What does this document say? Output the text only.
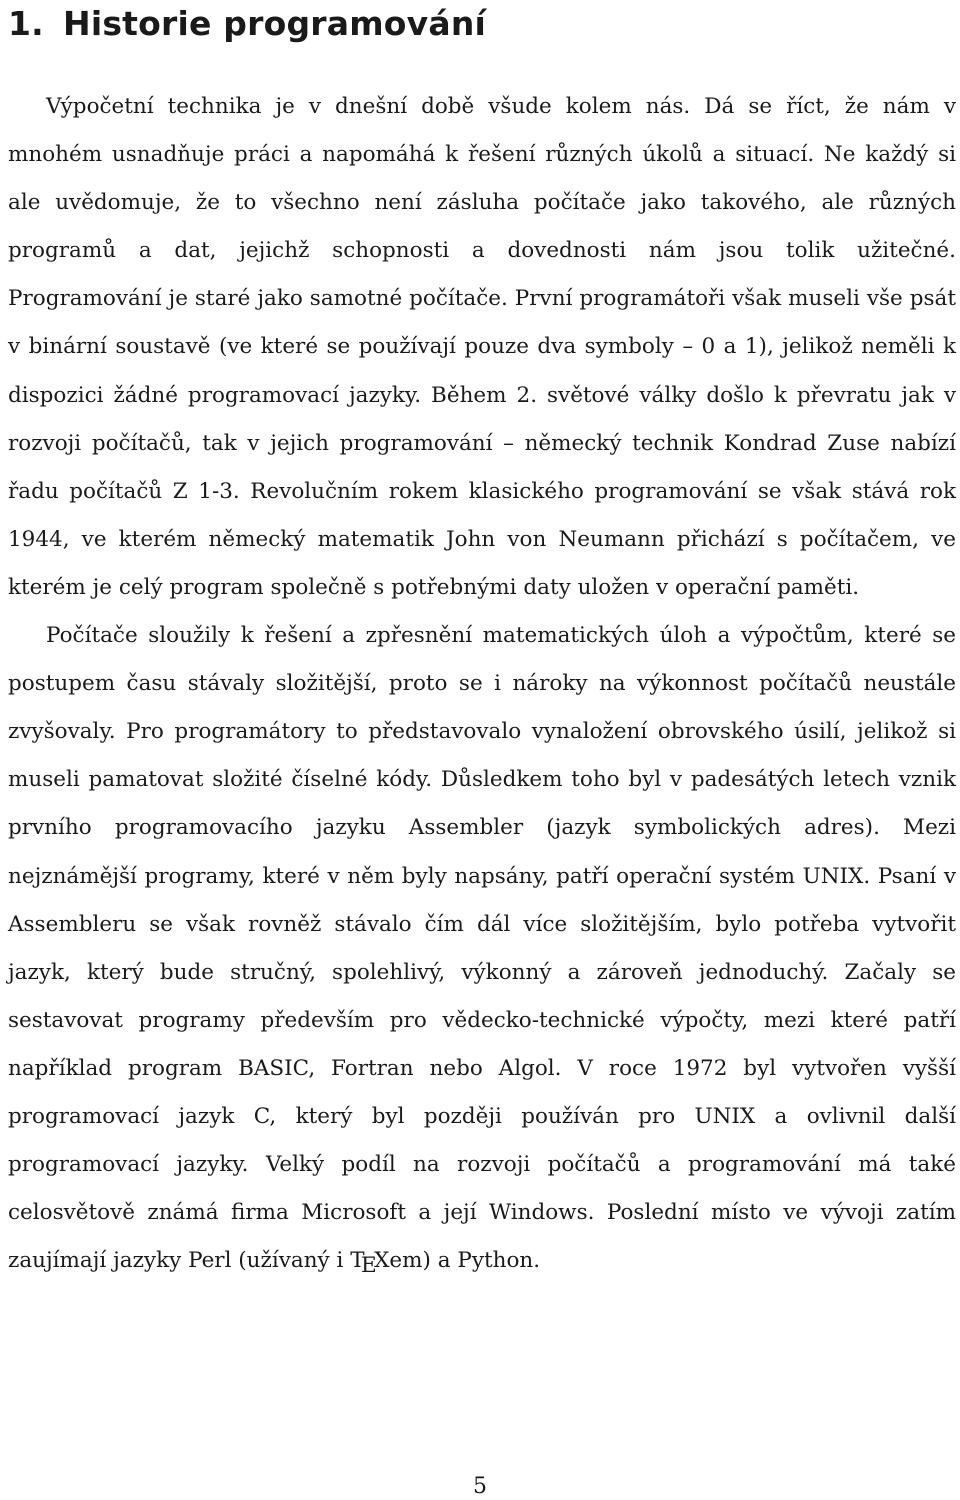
1. Historie programování

Výpočetní technika je v dnešní době všude kolem nás. Dá se říct, že nám v mnohém usnadňuje práci a napomáhá k řešení různých úkolů a situací. Ne každý si ale uvědomuje, že to všechno není zásluha počítače jako takového, ale různých programů a dat, jejichž schopnosti a dovednosti nám jsou tolik užitečné. Programování je staré jako samotné počítače. První programátoři však museli vše psát v binární soustavě (ve které se používají pouze dva symboly – 0 a 1), jelikož neměli k dispozici žádné programovací jazyky. Během 2. světové války došlo k převratu jak v rozvoji počítačů, tak v jejich programování – německý technik Kondrad Zuse nabízí řadu počítačů Z 1-3. Revolučním rokem klasického programování se však stává rok 1944, ve kterém německý matematik John von Neumann přichází s počítačem, ve kterém je celý program společně s potřebnými daty uložen v operační paměti.

Počítače sloužily k řešení a zpřesnění matematických úloh a výpočtům, které se postupem času stávaly složitější, proto se i nároky na výkonnost počítačů neustále zvyšovaly. Pro programátory to představovalo vynaložení obrovského úsilí, jelikož si museli pamatovat složité číselné kódy. Důsledkem toho byl v padesátých letech vznik prvního programovacího jazyku Assembler (jazyk symbolických adres). Mezi nejznámější programy, které v něm byly napsány, patří operační systém UNIX. Psaní v Assembleru se však rovněž stávalo čím dál více složitějším, bylo potřeba vytvořit jazyk, který bude stručný, spolehlivý, výkonný a zároveň jednoduchý. Začaly se sestavovat programy především pro vědecko-technické výpočty, mezi které patří například program BASIC, Fortran nebo Algol. V roce 1972 byl vytvořen vyšší programovací jazyk C, který byl později používán pro UNIX a ovlivnil další programovací jazyky. Velký podíl na rozvoji počítačů a programování má také celosvětově známá firma Microsoft a její Windows. Poslední místo ve vývoji zatím zaujímají jazyky Perl (užívaný i TEXem) a Python.

5
